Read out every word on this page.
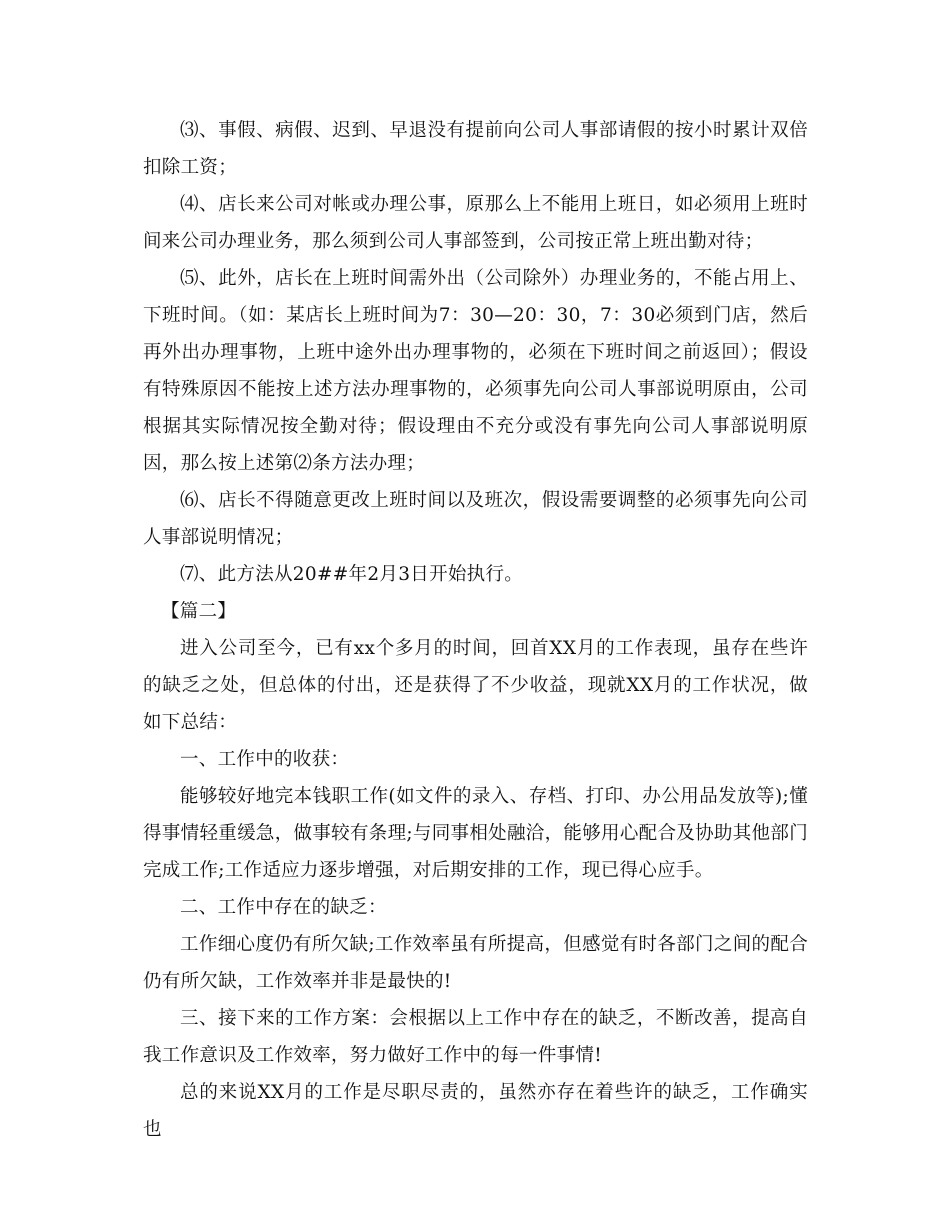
⑶、事假、病假、迟到、早退没有提前向公司人事部请假的按小时累计双倍扣除工资；

⑷、店长来公司对帐或办理公事，原那么上不能用上班日，如必须用上班时间来公司办理业务，那么须到公司人事部签到，公司按正常上班出勤对待；

⑸、此外，店长在上班时间需外出（公司除外）办理业务的，不能占用上、下班时间。（如：某店长上班时间为7：30—20：30，7：30必须到门店，然后再外出办理事物，上班中途外出办理事物的，必须在下班时间之前返回）；假设有特殊原因不能按上述方法办理事物的，必须事先向公司人事部说明原由，公司根据其实际情况按全勤对待；假设理由不充分或没有事先向公司人事部说明原因，那么按上述第⑵条方法办理；

⑹、店长不得随意更改上班时间以及班次，假设需要调整的必须事先向公司人事部说明情况；

⑺、此方法从20##年2月3日开始执行。

【篇二】

进入公司至今，已有xx个多月的时间，回首XX月的工作表现，虽存在些许的缺乏之处，但总体的付出，还是获得了不少收益，现就XX月的工作状况，做如下总结：

一、工作中的收获：

能够较好地完本钱职工作(如文件的录入、存档、打印、办公用品发放等);懂得事情轻重缓急，做事较有条理;与同事相处融洽，能够用心配合及协助其他部门完成工作;工作适应力逐步增强，对后期安排的工作，现已得心应手。

二、工作中存在的缺乏：

工作细心度仍有所欠缺;工作效率虽有所提高，但感觉有时各部门之间的配合仍有所欠缺，工作效率并非是最快的!

三、接下来的工作方案：会根据以上工作中存在的缺乏，不断改善，提高自我工作意识及工作效率，努力做好工作中的每一件事情!

总的来说XX月的工作是尽职尽责的，虽然亦存在着些许的缺乏，工作确实也
